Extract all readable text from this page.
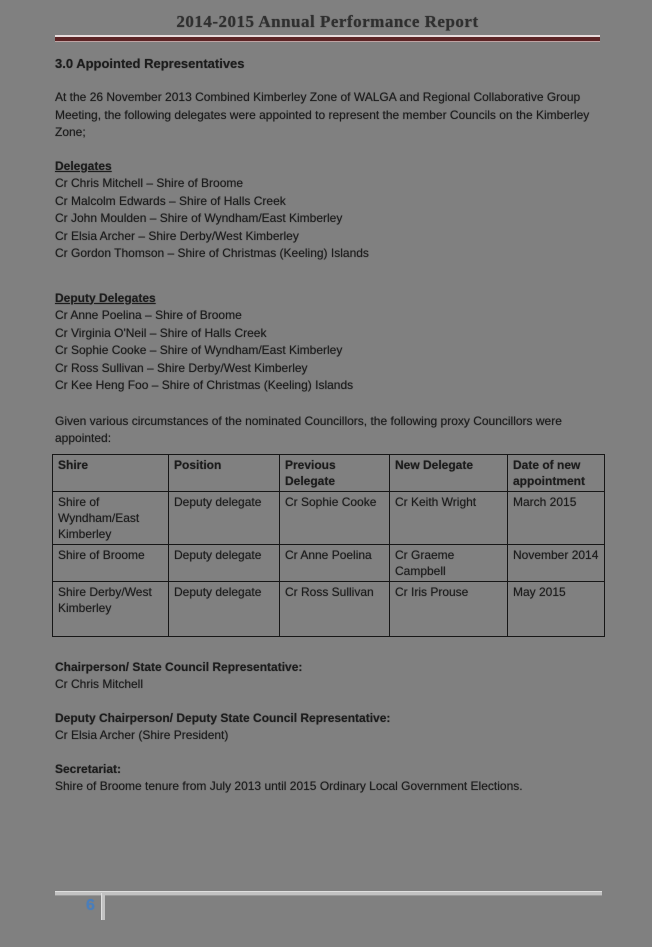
2014-2015 Annual Performance Report
3.0 Appointed Representatives

At the 26 November 2013 Combined Kimberley Zone of WALGA and Regional Collaborative Group Meeting, the following delegates were appointed to represent the member Councils on the Kimberley Zone;

Delegates
Cr Chris Mitchell – Shire of Broome
Cr Malcolm Edwards – Shire of Halls Creek
Cr John Moulden – Shire of Wyndham/East Kimberley
Cr Elsia Archer – Shire Derby/West Kimberley
Cr Gordon Thomson – Shire of Christmas (Keeling) Islands
Deputy Delegates
Cr Anne Poelina – Shire of Broome
Cr Virginia O'Neil – Shire of Halls Creek
Cr Sophie Cooke – Shire of Wyndham/East Kimberley
Cr Ross Sullivan – Shire Derby/West Kimberley
Cr Kee Heng Foo – Shire of Christmas (Keeling) Islands

Given various circumstances of the nominated Councillors, the following proxy Councillors were appointed:

Shire	Position	Previous Delegate	New Delegate	Date of new appointment
Shire of Wyndham/East Kimberley	Deputy delegate	Cr Sophie Cooke	Cr Keith Wright	March 2015
Shire of Broome	Deputy delegate	Cr Anne Poelina	Cr Graeme Campbell	November 2014
Shire Derby/West Kimberley	Deputy delegate	Cr Ross Sullivan	Cr Iris Prouse	May 2015
Chairperson/ State Council Representative:
Cr Chris Mitchell
Deputy Chairperson/ Deputy State Council Representative:
Cr Elsia Archer (Shire President)
Secretariat:
Shire of Broome tenure from July 2013 until 2015 Ordinary Local Government Elections.
6
